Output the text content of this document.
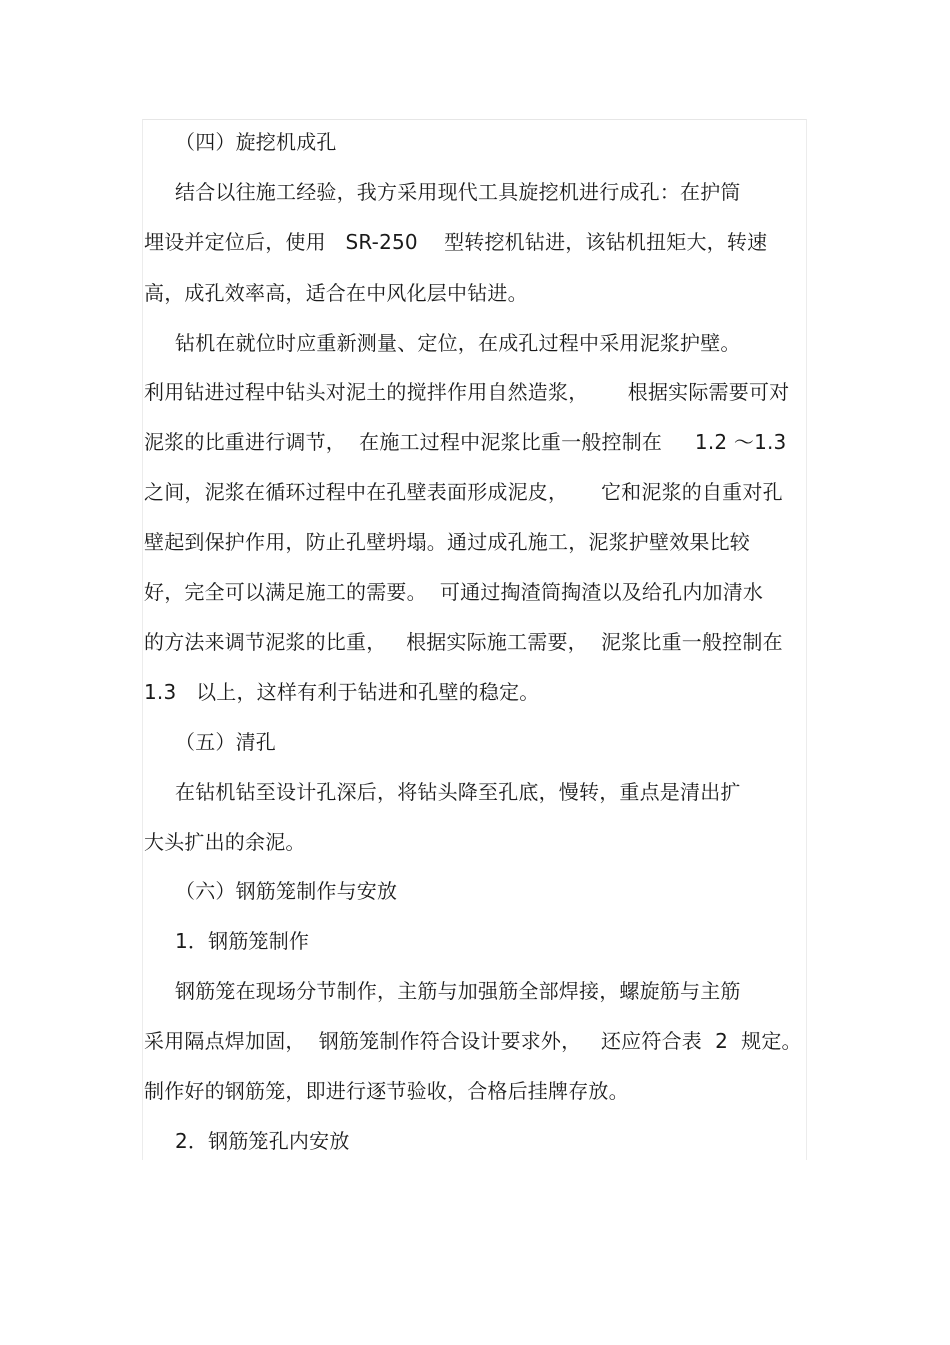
（四）旋挖机成孔
结合以往施工经验，我方采用现代工具旋挖机进行成孔：在护筒
埋设并定位后，使用   SR-250    型转挖机钻进，该钻机扭矩大，转速
高，成孔效率高，适合在中风化层中钻进。
钻机在就位时应重新测量、定位，在成孔过程中采用泥浆护壁。
利用钻进过程中钻头对泥土的搅拌作用自然造浆，      根据实际需要可对
泥浆的比重进行调节，  在施工过程中泥浆比重一般控制在     1.2 ～1.3
之间，泥浆在循环过程中在孔壁表面形成泥皮，     它和泥浆的自重对孔
壁起到保护作用，防止孔壁坍塌。通过成孔施工，泥浆护壁效果比较
好，完全可以满足施工的需要。  可通过掏渣筒掏渣以及给孔内加清水
的方法来调节泥浆的比重，   根据实际施工需要，  泥浆比重一般控制在
1.3   以上，这样有利于钻进和孔壁的稳定。
（五）清孔
在钻机钻至设计孔深后，将钻头降至孔底，慢转，重点是清出扩
大头扩出的余泥。
（六）钢筋笼制作与安放
1．钢筋笼制作
钢筋笼在现场分节制作，主筋与加强筋全部焊接，螺旋筋与主筋
采用隔点焊加固，  钢筋笼制作符合设计要求外，   还应符合表  2  规定。
制作好的钢筋笼，即进行逐节验收，合格后挂牌存放。
2．钢筋笼孔内安放
